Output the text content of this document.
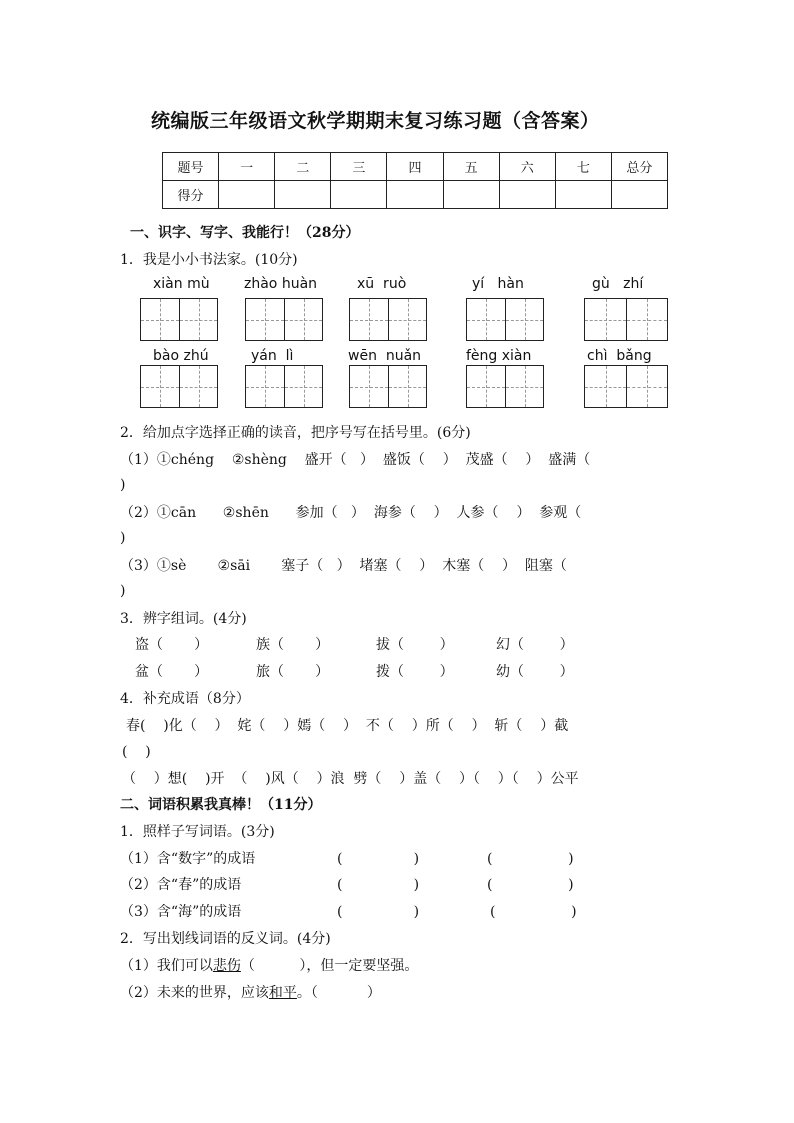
统编版三年级语文秋学期期末复习练习题（含答案）
题号	一	二	三	四	五	六	七	总分
得分								
一、识字、写字、我能行！（28分）
1．我是小小书法家。(10分)
xiàn mù zhào huàn	xū  ruò	yí   hàn	gù   zhí
bào zhú	yán  lì	wēn  nuǎn	fèng xiàn	chì  bǎng
2．给加点字选择正确的读音，把序号写在括号里。(6分)
（1）①chéng    ②shèng    盛开（   ）  盛饭（    ）  茂盛（    ）  盛满（
)
（2）①cān      ②shēn      参加（   ）  海参（    ）  人参（    ）  参观（
)
（3）①sè       ②sāi       塞子（   ）  堵塞（    ）  木塞（    ）  阻塞（
)
3．辨字组词。(4分)
盗（       ）	族（       ）	拔（        ）	幻（        ）
盆（       ）	旅（       ）	拨（        ）	幼（        ）
4．补充成语（8分）
春(    )化（    ）  姹（    ）嫣（    ）  不（    ）所（    ）  斩（    ）截
(    )
（    ）想(    )开  （    )风（    ）浪  劈（    ）盖（    ）（    ）（    ）公平
二、词语积累我真棒！（11分）
1．照样子写词语。(3分)
（1）含“数字”的成语	(                )	(                 )
（2）含“春”的成语	(                )	(                 )
（3）含“海”的成语	(                )	(                 )
2．写出划线词语的反义词。(4分)
（1）我们可以悲伤（          ），但一定要坚强。
（2）未来的世界，应该和平。（           ）
